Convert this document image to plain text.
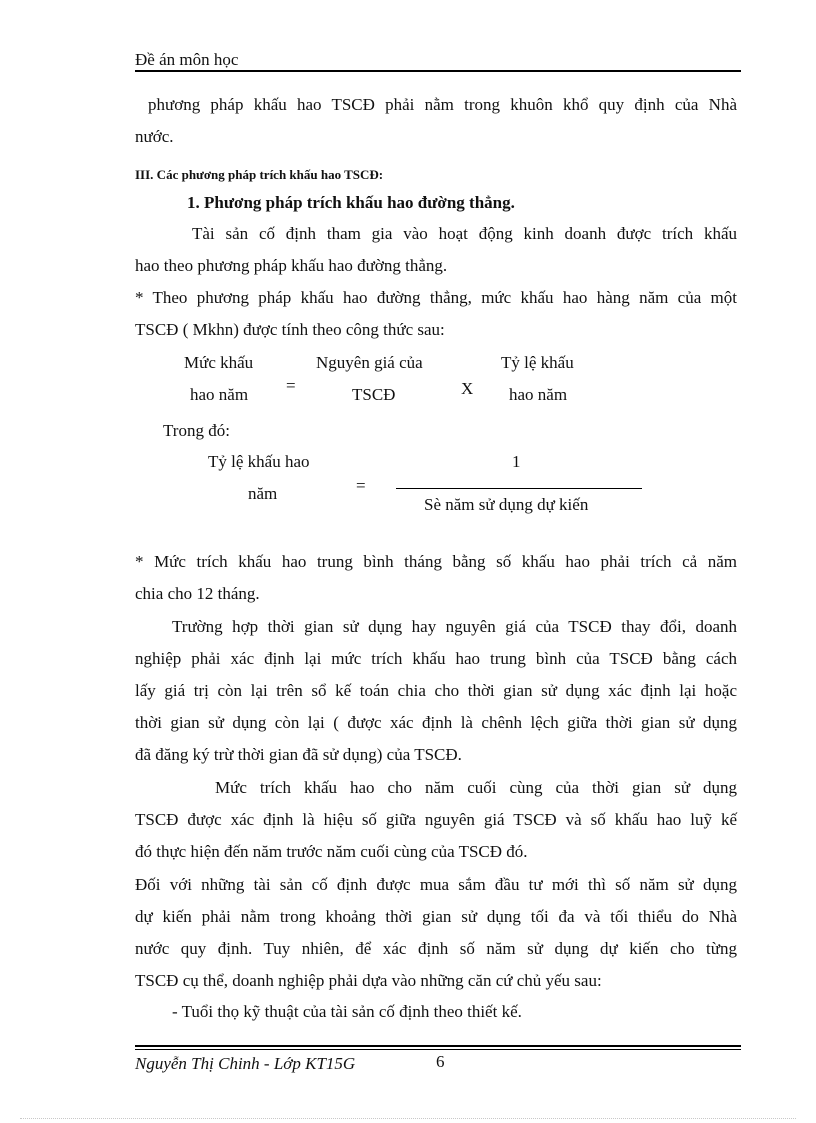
Đề án môn học
phương pháp khấu hao TSCĐ phải nằm trong khuôn khổ quy định của Nhà
nước.
III. Các phương pháp trích khấu hao TSCĐ:
1. Phương pháp trích khấu hao đường thẳng.
Tài sản cố định tham gia vào hoạt động kinh doanh được trích khấu
hao theo phương pháp khấu hao đường thẳng.
* Theo phương pháp khấu hao đường thẳng, mức khấu hao hàng năm của một
TSCĐ ( Mkhn) được tính theo công thức sau:
Mức khấu
hao năm =
Nguyên giá của
TSCĐ	X
Tỷ lệ khấu
hao năm
Trong đó:
Tỷ lệ khấu hao
năm	=
1
Sè năm sử dụng dự kiến
* Mức trích khấu hao trung bình tháng bằng số khấu hao phải trích cả năm
chia cho 12 tháng.
Trường hợp thời gian sử dụng hay nguyên giá của TSCĐ thay đổi, doanh
nghiệp phải xác định lại mức trích khấu hao trung bình của TSCĐ bằng cách
lấy giá trị còn lại trên sổ kế toán chia cho thời gian sử dụng xác định lại hoặc
thời gian sử dụng còn lại ( được xác định là chênh lệch giữa thời gian sử dụng
đã đăng ký trừ thời gian đã sử dụng) của TSCĐ.
Mức trích khấu hao cho năm cuối cùng của thời gian sử dụng
TSCĐ được xác định là hiệu số giữa nguyên giá TSCĐ và số khấu hao luỹ kế
đó thực hiện đến năm trước năm cuối cùng của TSCĐ đó.
Đối với những tài sản cố định được mua sắm đầu tư mới thì số năm sử dụng
dự kiến phải nằm trong khoảng thời gian sử dụng tối đa và tối thiểu do Nhà
nước quy định. Tuy nhiên, để xác định số năm sử dụng dự kiến cho từng
TSCĐ cụ thể, doanh nghiệp phải dựa vào những căn cứ chủ yếu sau:
- Tuổi thọ kỹ thuật của tài sản cố định theo thiết kế.
Nguyễn Thị Chinh - Lớp KT15G	6
